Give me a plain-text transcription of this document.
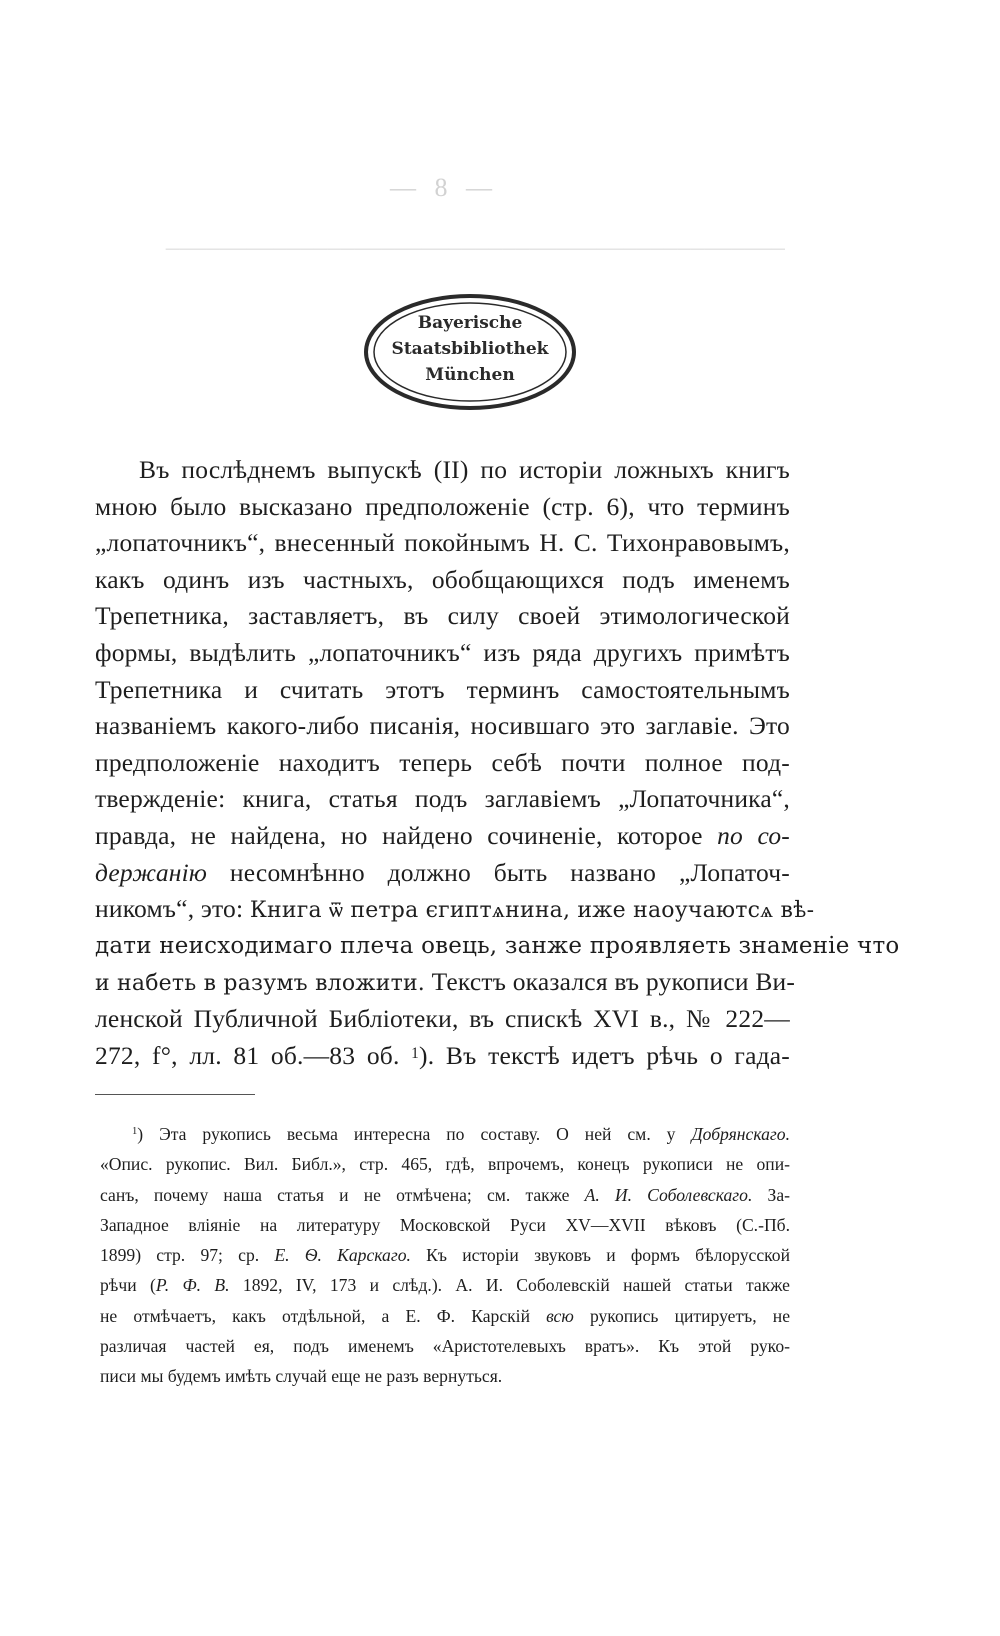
— 8 —
──────────────────────────────────────────────
Bayerische
Staatsbibliothek
München
Въ послѣднемъ выпускѣ (II) по исторіи ложныхъ книгъ
мною было высказано предположеніе (стр. 6), что терминъ
„лопаточникъ“, внесенный покойнымъ Н. С. Тихонравовымъ,
какъ одинъ изъ частныхъ, обобщающихся подъ именемъ
Трепетника, заставляетъ, въ силу своей этимологической
формы, выдѣлить „лопаточникъ“ изъ ряда другихъ примѣтъ
Трепетника и считать этотъ терминъ самостоятельнымъ
названіемъ какого-либо писанія, носившаго это заглавіе. Это
предположеніе находитъ теперь себѣ почти полное под-
твержденіе: книга, статья подъ заглавіемъ „Лопаточника“,
правда, не найдена, но найдено сочиненіе, которое по со-
держанію несомнѣнно должно быть названо „Лопаточ-
никомъ“, это: Книга ѿ петра єгиптѧнина, иже наоучаютсѧ вѣ-
дати неисходимаго плеча овець, занже проявляеть знаменіе что
и набеть в разумъ вложити. Текстъ оказался въ рукописи Ви-
ленской Публичной Библіотеки, въ спискѣ XVI в., № 222—
272, f°, лл. 81 об.—83 об. $^1$). Въ текстѣ идетъ рѣчь о гада-
$^1$) Эта рукопись весьма интересна по составу. О ней см. у Добрянскаго.
«Опис. рукопис. Вил. Библ.», стр. 465, гдѣ, впрочемъ, конецъ рукописи не опи-
санъ, почему наша статья и не отмѣчена; см. также А. И. Соболевскаго. За-
Западное вліяніе на литературу Московской Руси XV—XVII вѣковъ (С.-Пб.
1899) стр. 97; ср. Е. Ѳ. Карскаго. Къ исторіи звуковъ и формъ бѣлорусской
рѣчи (Р. Ф. В. 1892, IV, 173 и слѣд.). А. И. Соболевскій нашей статьи также
не отмѣчаетъ, какъ отдѣльной, а Е. Ф. Карскій всю рукопись цитируетъ, не
различая частей ея, подъ именемъ «Аристотелевыхъ вратъ». Къ этой руко-
писи мы будемъ имѣть случай еще не разъ вернуться.
